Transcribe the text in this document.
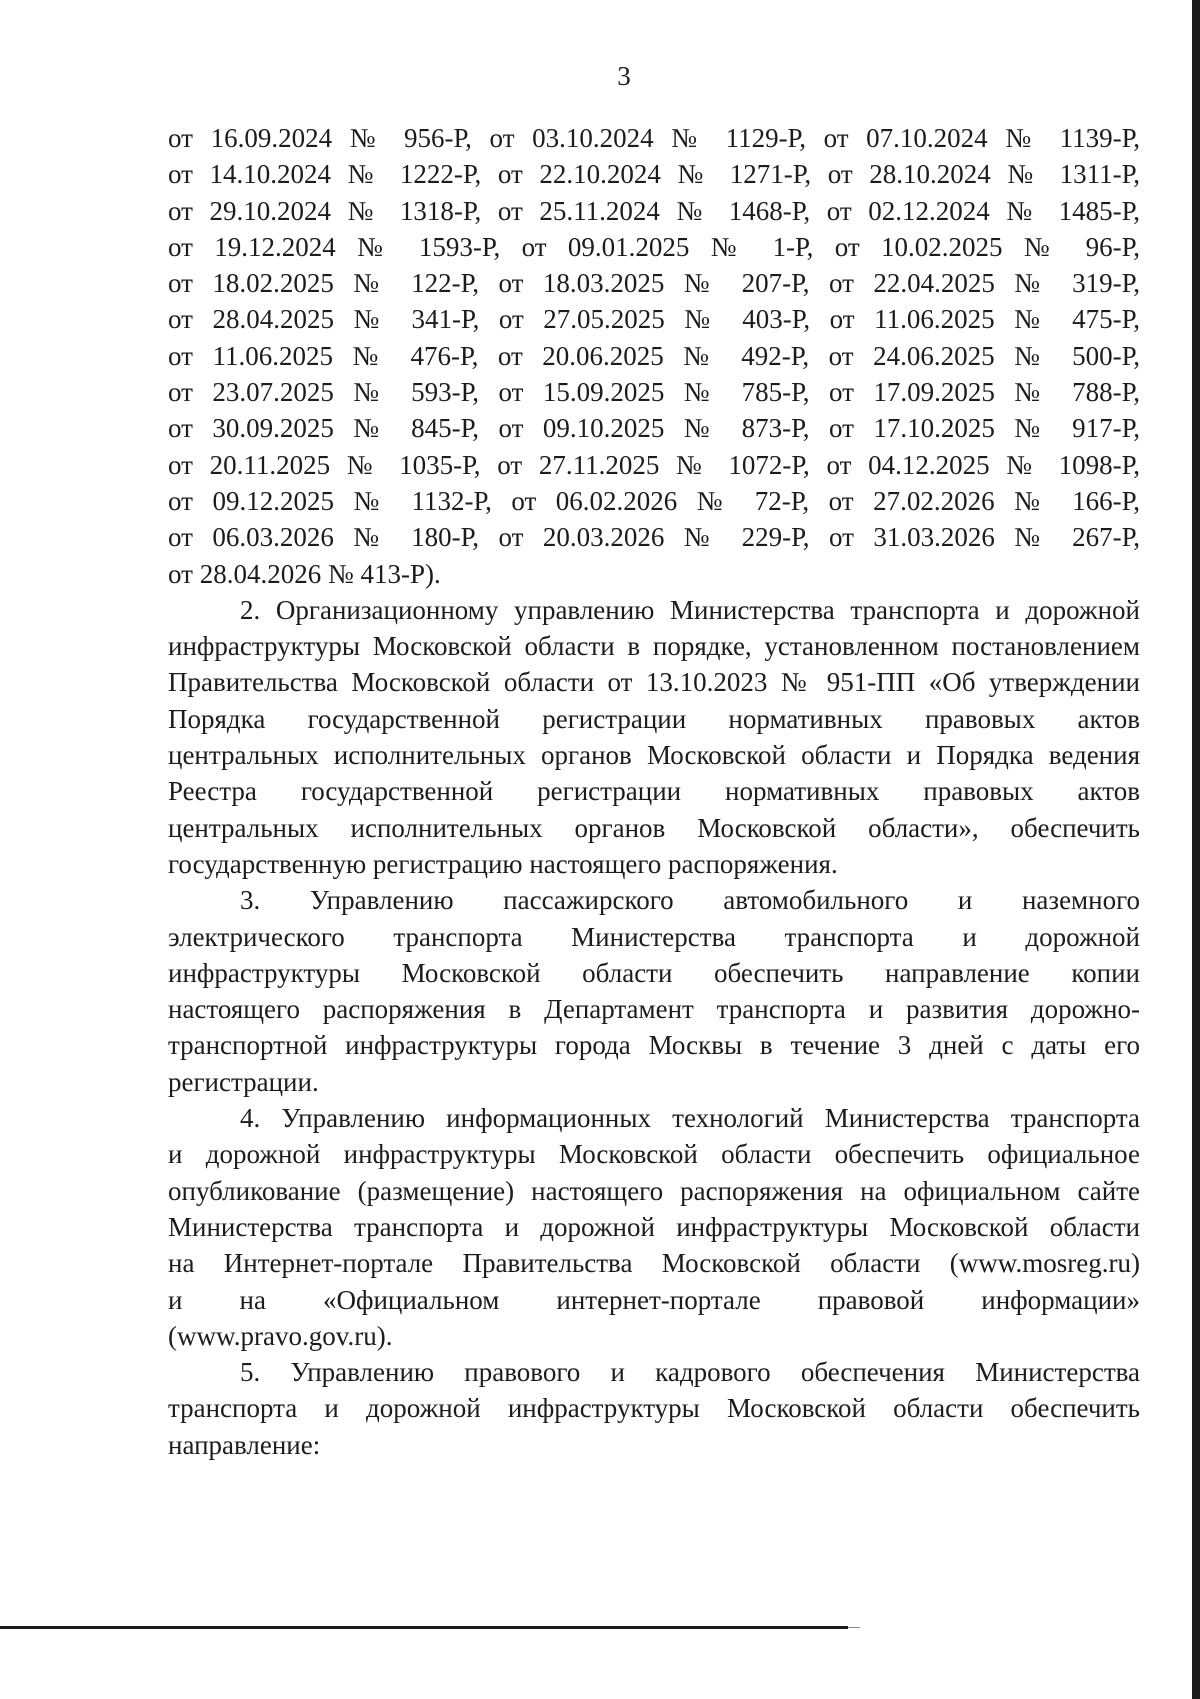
3

от 16.09.2024 № 956-Р, от 03.10.2024 № 1129-Р, от 07.10.2024 № 1139-Р,

от 14.10.2024 № 1222-Р, от 22.10.2024 № 1271-Р, от 28.10.2024 № 1311-Р,

от 29.10.2024 № 1318-Р, от 25.11.2024 № 1468-Р, от 02.12.2024 № 1485-Р,

от 19.12.2024 № 1593-Р, от 09.01.2025 № 1-Р, от 10.02.2025 № 96-Р,

от 18.02.2025 № 122-Р, от 18.03.2025 № 207-Р, от 22.04.2025 № 319-Р,

от 28.04.2025 № 341-Р, от 27.05.2025 № 403-Р, от 11.06.2025 № 475-Р,

от 11.06.2025 № 476-Р, от 20.06.2025 № 492-Р, от 24.06.2025 № 500-Р,

от 23.07.2025 № 593-Р, от 15.09.2025 № 785-Р, от 17.09.2025 № 788-Р,

от 30.09.2025 № 845-Р, от 09.10.2025 № 873-Р, от 17.10.2025 № 917-Р,

от 20.11.2025 № 1035-Р, от 27.11.2025 № 1072-Р, от 04.12.2025 № 1098-Р,

от 09.12.2025 № 1132-Р, от 06.02.2026 № 72-Р, от 27.02.2026 № 166-Р,

от 06.03.2026 № 180-Р, от 20.03.2026 № 229-Р, от 31.03.2026 № 267-Р,

от 28.04.2026 № 413-Р).

2. Организационному управлению Министерства транспорта и дорожной

инфраструктуры Московской области в порядке, установленном постановлением

Правительства Московской области от 13.10.2023 № 951-ПП «Об утверждении

Порядка государственной регистрации нормативных правовых актов

центральных исполнительных органов Московской области и Порядка ведения

Реестра государственной регистрации нормативных правовых актов

центральных исполнительных органов Московской области», обеспечить

государственную регистрацию настоящего распоряжения.

3. Управлению пассажирского автомобильного и наземного

электрического транспорта Министерства транспорта и дорожной

инфраструктуры Московской области обеспечить направление копии

настоящего распоряжения в Департамент транспорта и развития дорожно-

транспортной инфраструктуры города Москвы в течение 3 дней с даты его

регистрации.

4. Управлению информационных технологий Министерства транспорта

и дорожной инфраструктуры Московской области обеспечить официальное

опубликование (размещение) настоящего распоряжения на официальном сайте

Министерства транспорта и дорожной инфраструктуры Московской области

на Интернет-портале Правительства Московской области (www.mosreg.ru)

и на «Официальном интернет-портале правовой информации»

(www.pravo.gov.ru).

5. Управлению правового и кадрового обеспечения Министерства

транспорта и дорожной инфраструктуры Московской области обеспечить

направление:
